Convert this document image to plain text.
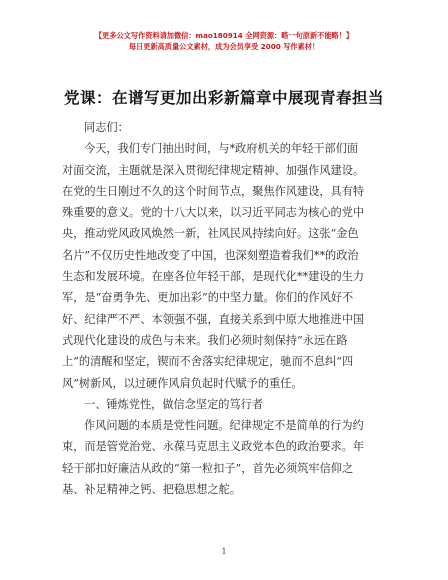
【更多公文写作资料请加微信：mao180914 全网资源：略一句原新不能略！】
每日更新高质量公文素材，成为会员享受 2000 写作素材！
党课：在谱写更加出彩新篇章中展现青春担当
同志们：
今天，我们专门抽出时间，与*政府机关的年轻干部们面
对面交流，主题就是深入贯彻纪律规定精神、加强作风建设。
在党的生日刚过不久的这个时间节点，聚焦作风建设，具有特
殊重要的意义。党的十八大以来，以习近平同志为核心的党中
央，推动党风政风焕然一新，社风民风持续向好。这张“金色
名片”不仅历史性地改变了中国，也深刻塑造着我们**的政治
生态和发展环境。在座各位年轻干部，是现代化**建设的生力
军，是“奋勇争先、更加出彩”的中坚力量。你们的作风好不
好、纪律严不严、本领强不强，直接关系到中原大地推进中国
式现代化建设的成色与未来。我们必须时刻保持“永远在路
上”的清醒和坚定，锲而不舍落实纪律规定，驰而不息纠“四
风”树新风，以过硬作风肩负起时代赋予的重任。
一、锤炼党性，做信念坚定的笃行者
作风问题的本质是党性问题。纪律规定不是简单的行为约
束，而是管党治党、永葆马克思主义政党本色的政治要求。年
轻干部扣好廉洁从政的“第一粒扣子”，首先必须筑牢信仰之
基、补足精神之钙、把稳思想之舵。
1
